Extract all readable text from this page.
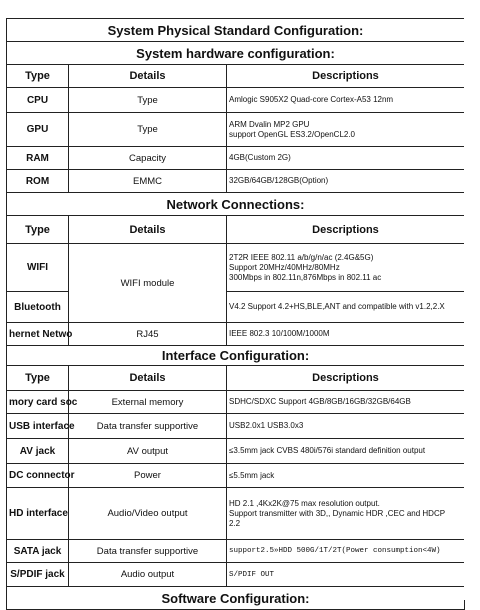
System Physical Standard Configuration:		
System hardware configuration:		
Type	Details	Descriptions
CPU	Type	Amlogic S905X2 Quad-core Cortex-A53 12nm

GPU	Type	ARM Dvalin MP2 GPU
support OpenGL ES3.2/OpenCL2.0

RAM	Capacity	4GB(Custom 2G)

ROM	EMMC	32GB/64GB/128GB(Option)

Network Connections:		
Type	Details	Descriptions
WIFI	WIFI module	2T2R IEEE 802.11 a/b/g/n/ac (2.4G&5G)
Support 20MHz/40MHz/80MHz
300Mbps in 802.11n,876Mbps in 802.11 ac

Bluetooth		V4.2 Support 4.2+HS,BLE,ANT and compatible with v1.2,2.X

hernet Netwo	RJ45	IEEE 802.3 10/100M/1000M

Interface Configuration:		
Type	Details	Descriptions
mory card soc	External memory	SDHC/SDXC Support 4GB/8GB/16GB/32GB/64GB

USB interface	Data transfer supportive	USB2.0x1 USB3.0x3

AV jack	AV output	≤3.5mm jack CVBS 480i/576i standard definition output

DC connector	Power	≤5.5mm jack

HD interface	Audio/Video output	HD 2.1 ,4Kx2K@75 max resolution output.
Support transmitter with 3D,, Dynamic HDR ,CEC and HDCP
2.2

SATA jack	Data transfer supportive	support2.5»HDD 500G/1T/2T(Power consumption<4W)

S/PDIF jack	Audio output	S/PDIF OUT

Software Configuration:		
